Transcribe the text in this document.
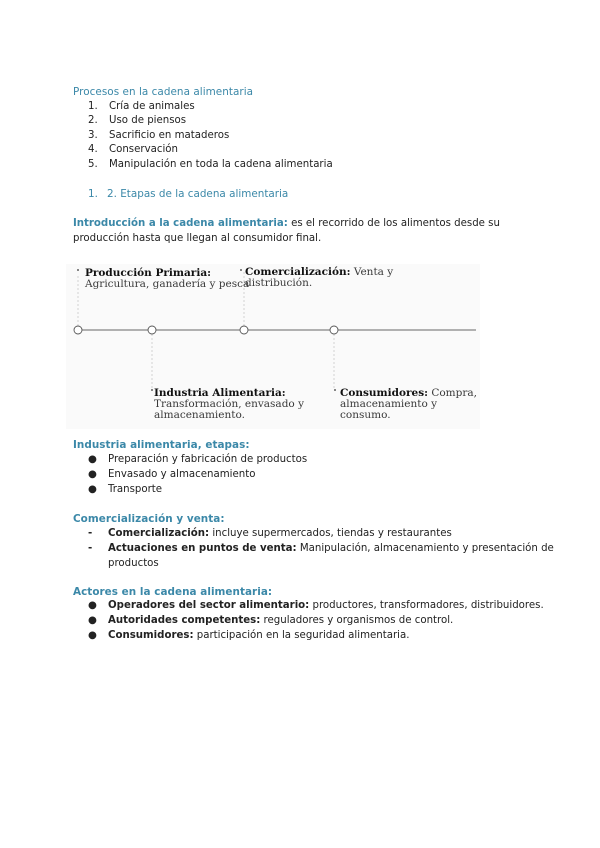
Procesos en la cadena alimentaria
1. Cría de animales
2. Uso de piensos
3. Sacrificio en mataderos
4. Conservación
5. Manipulación en toda la cadena alimentaria
1. 2. Etapas de la cadena alimentaria
Introducción a la cadena alimentaria: es el recorrido de los alimentos desde su producción hasta que llegan al consumidor final.
Producción Primaria:
Agricultura, ganadería y pesca
Comercialización: Venta y
distribución.
Industria Alimentaria:
Transformación, envasado y
almacenamiento.
Consumidores: Compra,
almacenamiento y
consumo.
Industria alimentaria, etapas:
● Preparación y fabricación de productos
● Envasado y almacenamiento
● Transporte
Comercialización y venta:
- Comercialización: incluye supermercados, tiendas y restaurantes
- Actuaciones en puntos de venta: Manipulación, almacenamiento y presentación de
productos
Actores en la cadena alimentaria:
● Operadores del sector alimentario: productores, transformadores, distribuidores.
● Autoridades competentes: reguladores y organismos de control.
● Consumidores: participación en la seguridad alimentaria.
